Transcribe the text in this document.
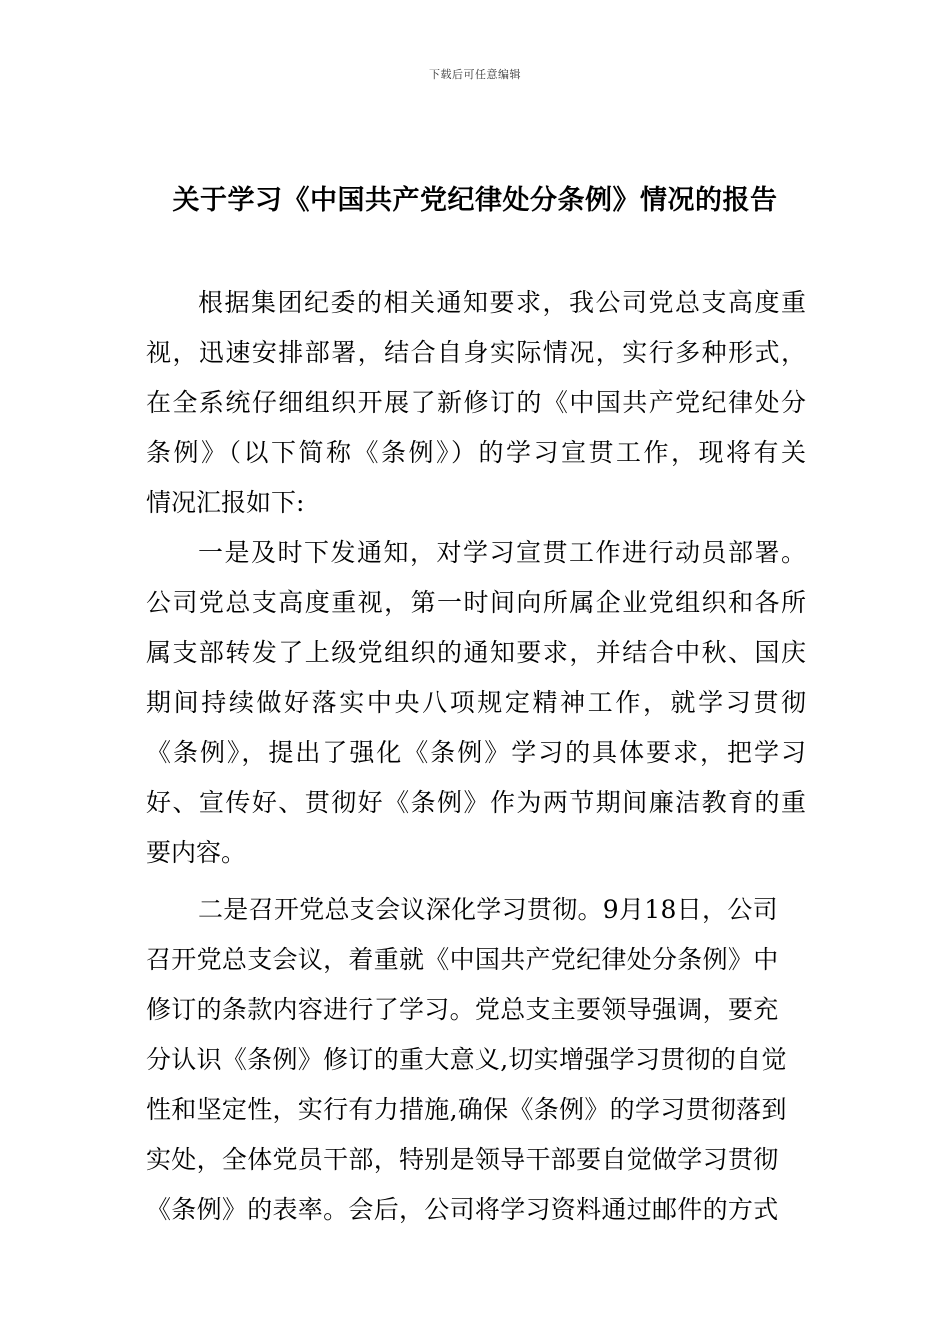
下载后可任意编辑
关于学习《中国共产党纪律处分条例》情况的报告
根据集团纪委的相关通知要求，我公司党总支高度重
视，迅速安排部署，结合自身实际情况，实行多种形式，
在全系统仔细组织开展了新修订的《中国共产党纪律处分
条例》（以下简称《条例》）的学习宣贯工作，现将有关
情况汇报如下:
一是及时下发通知，对学习宣贯工作进行动员部署。
公司党总支高度重视，第一时间向所属企业党组织和各所
属支部转发了上级党组织的通知要求，并结合中秋、国庆
期间持续做好落实中央八项规定精神工作，就学习贯彻
《条例》，提出了强化《条例》学习的具体要求，把学习
好、宣传好、贯彻好《条例》作为两节期间廉洁教育的重
要内容。
二是召开党总支会议深化学习贯彻。9月18日，公司
召开党总支会议，着重就《中国共产党纪律处分条例》中
修订的条款内容进行了学习。党总支主要领导强调，要充
分认识《条例》修订的重大意义,切实增强学习贯彻的自觉
性和坚定性，实行有力措施,确保《条例》的学习贯彻落到
实处，全体党员干部，特别是领导干部要自觉做学习贯彻
《条例》的表率。会后，公司将学习资料通过邮件的方式
